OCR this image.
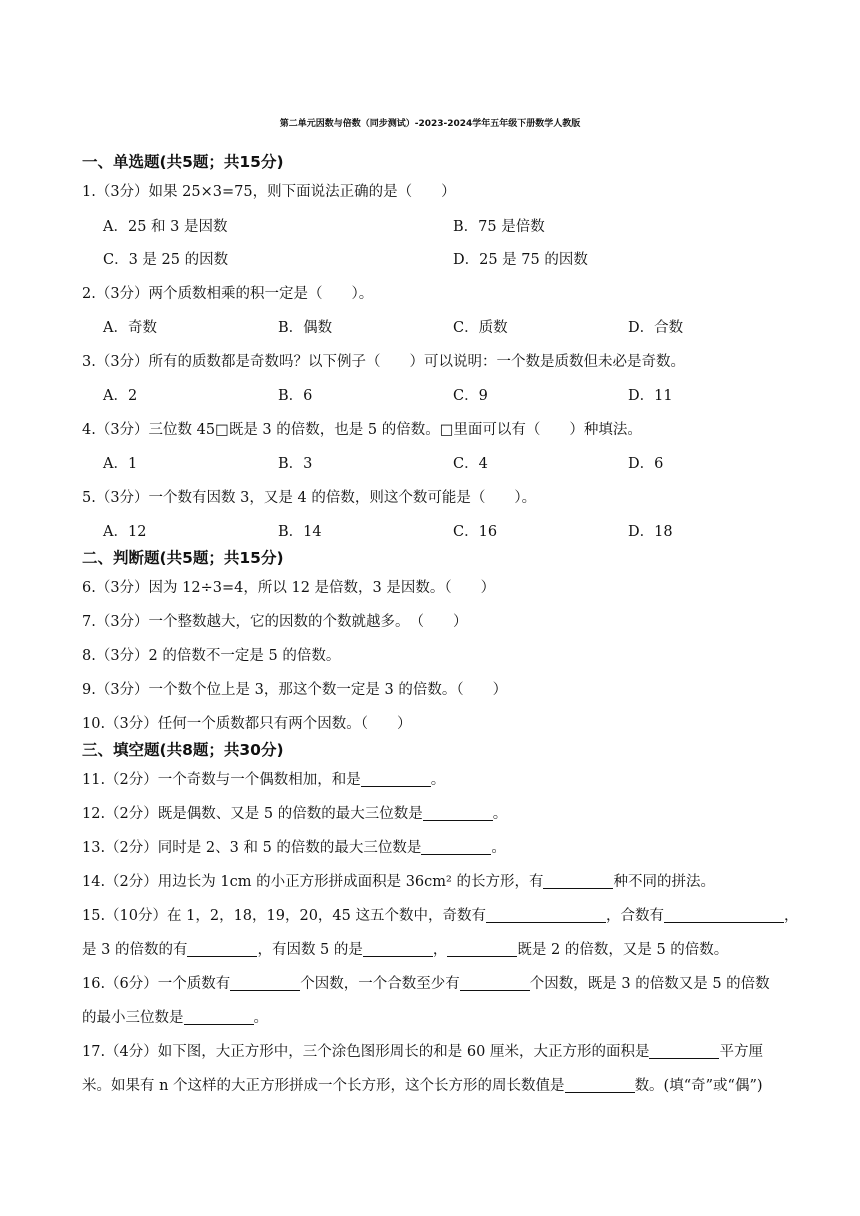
第二单元因数与倍数（同步测试）-2023-2024学年五年级下册数学人教版
一、单选题(共5题；共15分)
1.（3分）如果 25×3=75，则下面说法正确的是（　　）
A．25 和 3 是因数	B．75 是倍数
C．3 是 25 的因数	D．25 是 75 的因数
2.（3分）两个质数相乘的积一定是（　　）。
A．奇数	B．偶数	C．质数	D．合数
3.（3分）所有的质数都是奇数吗？以下例子（　　）可以说明：一个数是质数但未必是奇数。
A．2	B．6	C．9	D．11
4.（3分）三位数 45□既是 3 的倍数，也是 5 的倍数。□里面可以有（　　）种填法。
A．1	B．3	C．4	D．6
5.（3分）一个数有因数 3，又是 4 的倍数，则这个数可能是（　　）。
A．12	B．14	C．16	D．18
二、判断题(共5题；共15分)
6.（3分）因为 12÷3=4，所以 12 是倍数，3 是因数。（　　）
7.（3分）一个整数越大，它的因数的个数就越多。　（　　）
8.（3分）2 的倍数不一定是 5 的倍数。
9.（3分）一个数个位上是 3，那这个数一定是 3 的倍数。（　　）
10.（3分）任何一个质数都只有两个因数。（　　）
三、填空题(共8题；共30分)
11.（2分）一个奇数与一个偶数相加，和是	。
12.（2分）既是偶数、又是 5 的倍数的最大三位数是	。
13.（2分）同时是 2、3 和 5 的倍数的最大三位数是	。
14.（2分）用边长为 1cm 的小正方形拼成面积是 36cm² 的长方形，有	种不同的拼法。
15.（10分）在 1，2，18，19，20，45 这五个数中，奇数有	，合数有	，
是 3 的倍数的有	，有因数 5 的是	，	既是 2 的倍数，又是 5 的倍数。
16.（6分）一个质数有	个因数，一个合数至少有	个因数，既是 3 的倍数又是 5 的倍数
的最小三位数是	。
17.（4分）如下图，大正方形中，三个涂色图形周长的和是 60 厘米，大正方形的面积是	平方厘
米。如果有 n 个这样的大正方形拼成一个长方形，这个长方形的周长数值是	数。(填“奇”或“偶”)
